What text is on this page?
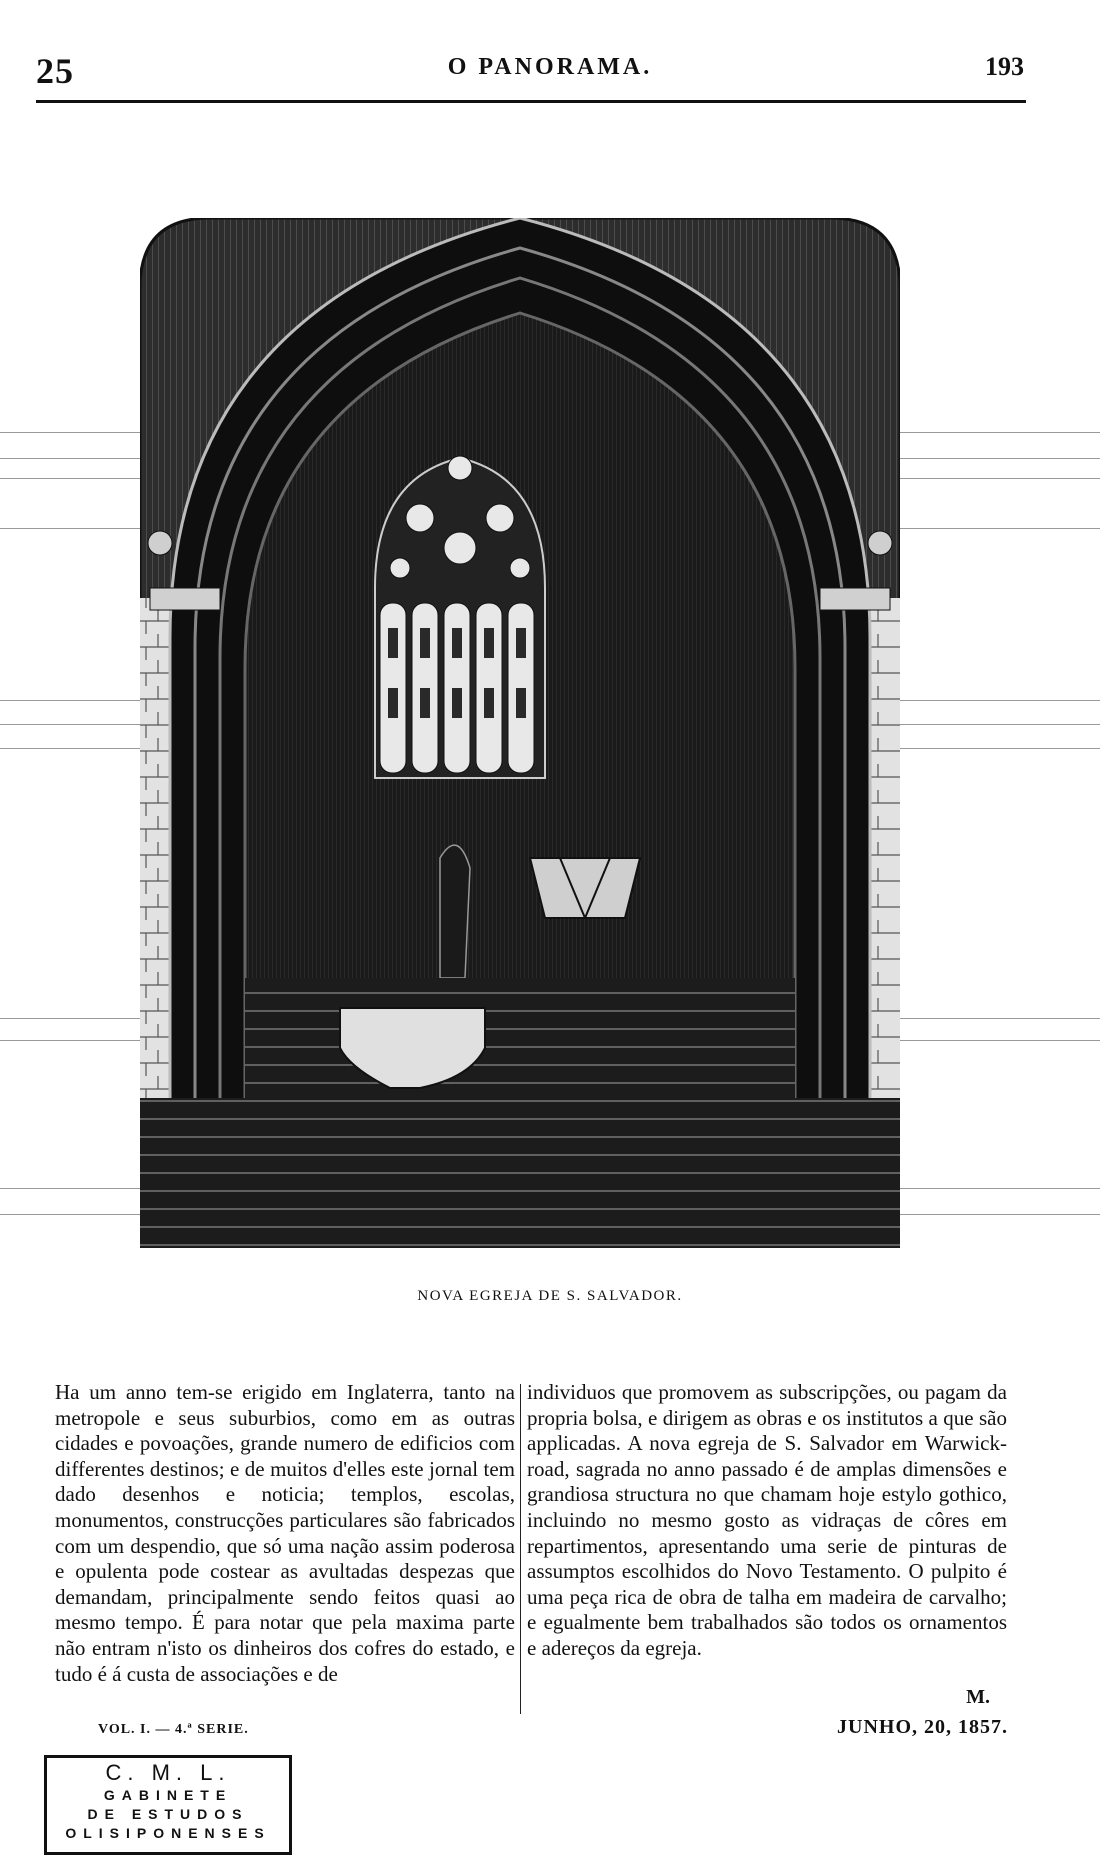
25	O PANORAMA.	193
NOVA EGREJA DE S. SALVADOR.

Ha um anno tem-se erigido em Inglaterra, tanto na metropole e seus suburbios, como em as outras cidades e povoações, grande numero de edificios com differentes destinos; e de muitos d'elles este jornal tem dado desenhos e noticia; templos, escolas, monumentos, construcções particulares são fabricados com um despendio, que só uma nação assim poderosa e opulenta pode costear as avultadas despezas que demandam, principalmente sendo feitos quasi ao mesmo tempo. É para notar que pela maxima parte não entram n'isto os dinheiros dos cofres do estado, e tudo é á custa de associações e de

individuos que promovem as subscripções, ou pagam da propria bolsa, e dirigem as obras e os institutos a que são applicadas. A nova egreja de S. Salvador em Warwick-road, sagrada no anno passado é de amplas dimensões e grandiosa structura no que chamam hoje estylo gothico, incluindo no mesmo gosto as vidraças de côres em repartimentos, apresentando uma serie de pinturas de assumptos escolhidos do Novo Testamento. O pulpito é uma peça rica de obra de talha em madeira de carvalho; e egualmente bem trabalhados são todos os ornamentos e adereços da egreja.

M.
VOL. I. — 4.ª SERIE.	JUNHO, 20, 1857.
C. M. L.
GABINETE
DE ESTUDOS
OLISIPONENSES
